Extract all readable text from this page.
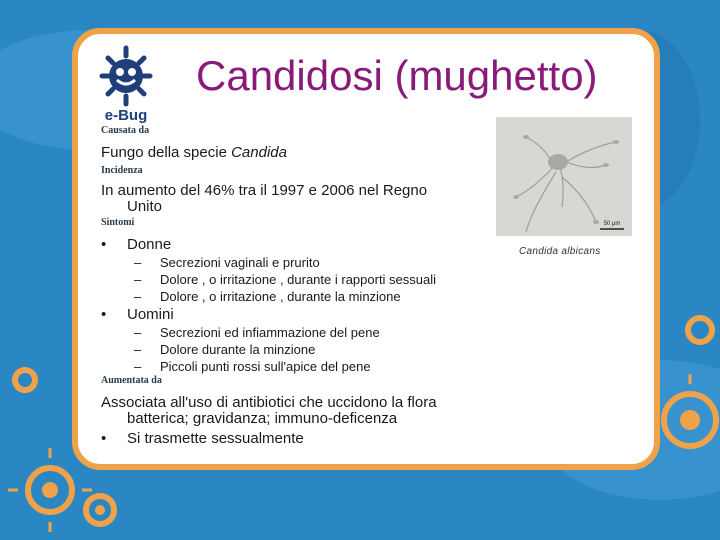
e-Bug
Candidosi (mughetto)
Causata da
Fungo della specie Candida
Incidenza
In aumento del 46% tra il 1997 e 2006 nel Regno
Unito
Sintomi
• Donne
– Secrezioni vaginali e prurito
– Dolore , o irritazione , durante i rapporti sessuali
– Dolore , o irritazione , durante la minzione
• Uomini
– Secrezioni ed infiammazione del pene
– Dolore durante la minzione
– Piccoli punti rossi sull'apice del pene
Aumentata da
Associata all'uso di antibiotici che uccidono la flora
batterica; gravidanza; immuno-deficenza
• Si trasmette sessualmente
50 µm
Candida albicans
